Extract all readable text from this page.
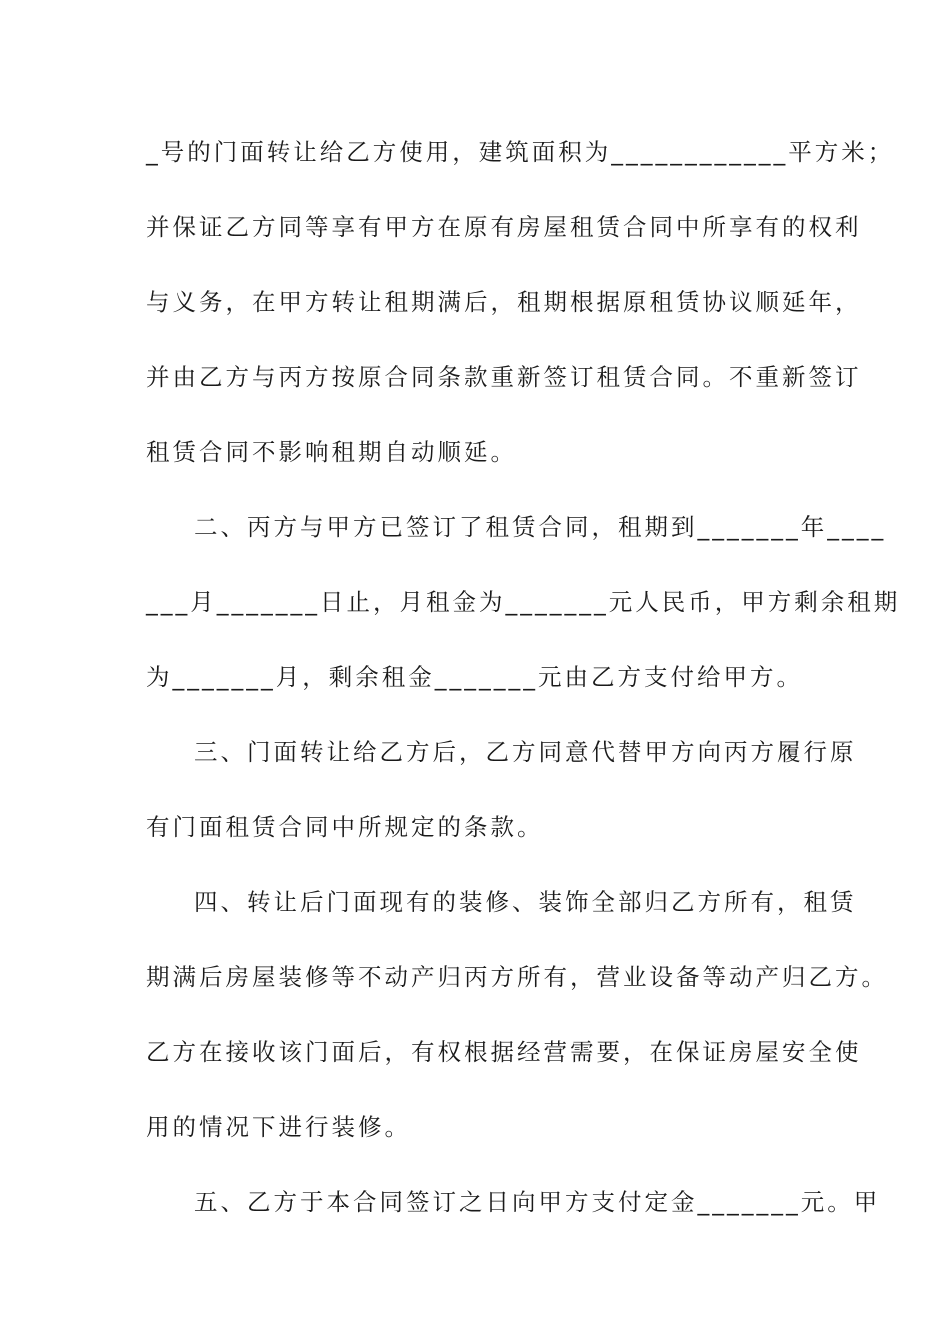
_号的门面转让给乙方使用，建筑面积为____________平方米；
并保证乙方同等享有甲方在原有房屋租赁合同中所享有的权利
与义务，在甲方转让租期满后，租期根据原租赁协议顺延年，
并由乙方与丙方按原合同条款重新签订租赁合同。不重新签订
租赁合同不影响租期自动顺延。
二、丙方与甲方已签订了租赁合同，租期到_______年____
___月_______日止，月租金为_______元人民币，甲方剩余租期
为_______月，剩余租金_______元由乙方支付给甲方。
三、门面转让给乙方后，乙方同意代替甲方向丙方履行原
有门面租赁合同中所规定的条款。
四、转让后门面现有的装修、装饰全部归乙方所有，租赁
期满后房屋装修等不动产归丙方所有，营业设备等动产归乙方。
乙方在接收该门面后，有权根据经营需要，在保证房屋安全使
用的情况下进行装修。
五、乙方于本合同签订之日向甲方支付定金_______元。甲
